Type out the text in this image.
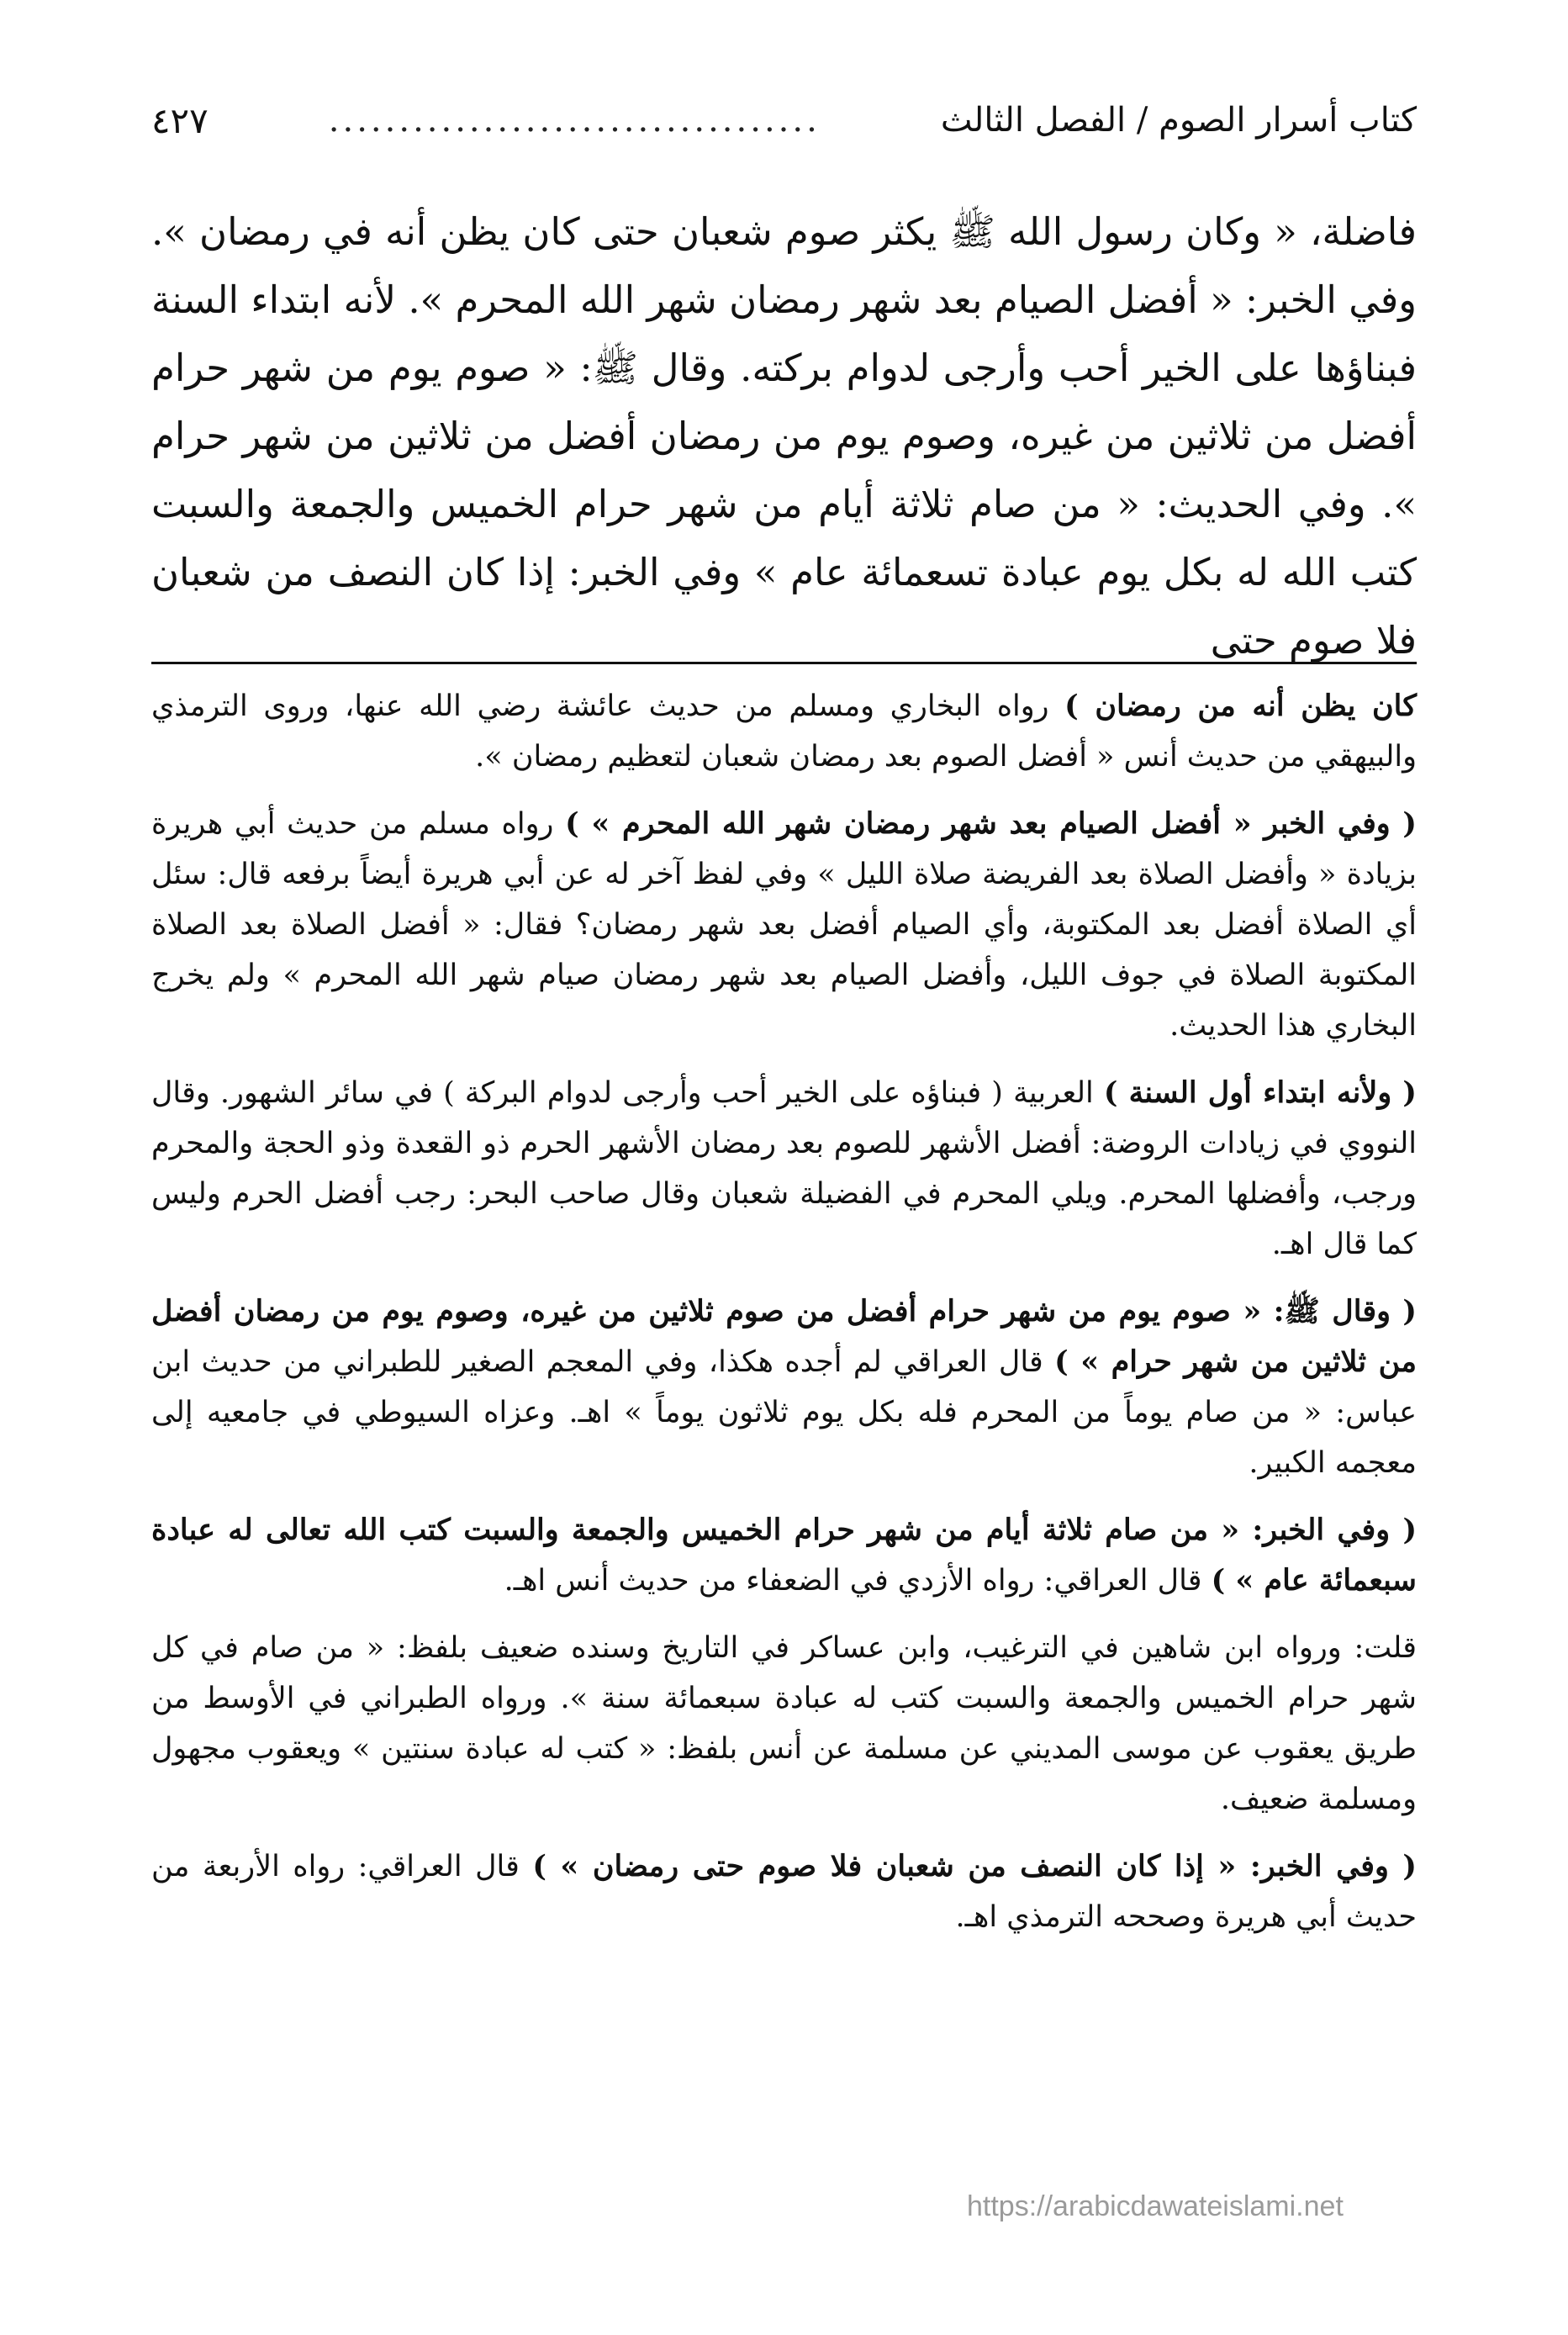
كتاب أسرار الصوم / الفصل الثالث
...................................
٤٢٧

فاضلة، « وكان رسول الله ﷺ يكثر صوم شعبان حتى كان يظن أنه في رمضان ». وفي الخبر: « أفضل الصيام بعد شهر رمضان شهر الله المحرم ». لأنه ابتداء السنة فبناؤها على الخير أحب وأرجى لدوام بركته. وقال ﷺ: « صوم يوم من شهر حرام أفضل من ثلاثين من غيره، وصوم يوم من رمضان أفضل من ثلاثين من شهر حرام ». وفي الحديث: « من صام ثلاثة أيام من شهر حرام الخميس والجمعة والسبت كتب الله له بكل يوم عبادة تسعمائة عام » وفي الخبر: إذا كان النصف من شعبان فلا صوم حتى

كان يظن أنه من رمضان ) رواه البخاري ومسلم من حديث عائشة رضي الله عنها، وروى الترمذي والبيهقي من حديث أنس « أفضل الصوم بعد رمضان شعبان لتعظيم رمضان ».

( وفي الخبر « أفضل الصيام بعد شهر رمضان شهر الله المحرم » ) رواه مسلم من حديث أبي هريرة بزيادة « وأفضل الصلاة بعد الفريضة صلاة الليل » وفي لفظ آخر له عن أبي هريرة أيضاً برفعه قال: سئل أي الصلاة أفضل بعد المكتوبة، وأي الصيام أفضل بعد شهر رمضان؟ فقال: « أفضل الصلاة بعد الصلاة المكتوبة الصلاة في جوف الليل، وأفضل الصيام بعد شهر رمضان صيام شهر الله المحرم » ولم يخرج البخاري هذا الحديث.

( ولأنه ابتداء أول السنة ) العربية ( فبناؤه على الخير أحب وأرجى لدوام البركة ) في سائر الشهور. وقال النووي في زيادات الروضة: أفضل الأشهر للصوم بعد رمضان الأشهر الحرم ذو القعدة وذو الحجة والمحرم ورجب، وأفضلها المحرم. ويلي المحرم في الفضيلة شعبان وقال صاحب البحر: رجب أفضل الحرم وليس كما قال اهـ.

( وقال ﷺ: « صوم يوم من شهر حرام أفضل من صوم ثلاثين من غيره، وصوم يوم من رمضان أفضل من ثلاثين من شهر حرام » ) قال العراقي لم أجده هكذا، وفي المعجم الصغير للطبراني من حديث ابن عباس: « من صام يوماً من المحرم فله بكل يوم ثلاثون يوماً » اهـ. وعزاه السيوطي في جامعيه إلى معجمه الكبير.

( وفي الخبر: « من صام ثلاثة أيام من شهر حرام الخميس والجمعة والسبت كتب الله تعالى له عبادة سبعمائة عام » ) قال العراقي: رواه الأزدي في الضعفاء من حديث أنس اهـ.

قلت: ورواه ابن شاهين في الترغيب، وابن عساكر في التاريخ وسنده ضعيف بلفظ: « من صام في كل شهر حرام الخميس والجمعة والسبت كتب له عبادة سبعمائة سنة ». ورواه الطبراني في الأوسط من طريق يعقوب عن موسى المديني عن مسلمة عن أنس بلفظ: « كتب له عبادة سنتين » ويعقوب مجهول ومسلمة ضعيف.

( وفي الخبر: « إذا كان النصف من شعبان فلا صوم حتى رمضان » ) قال العراقي: رواه الأربعة من حديث أبي هريرة وصححه الترمذي اهـ.

https://arabicdawateislami.net
